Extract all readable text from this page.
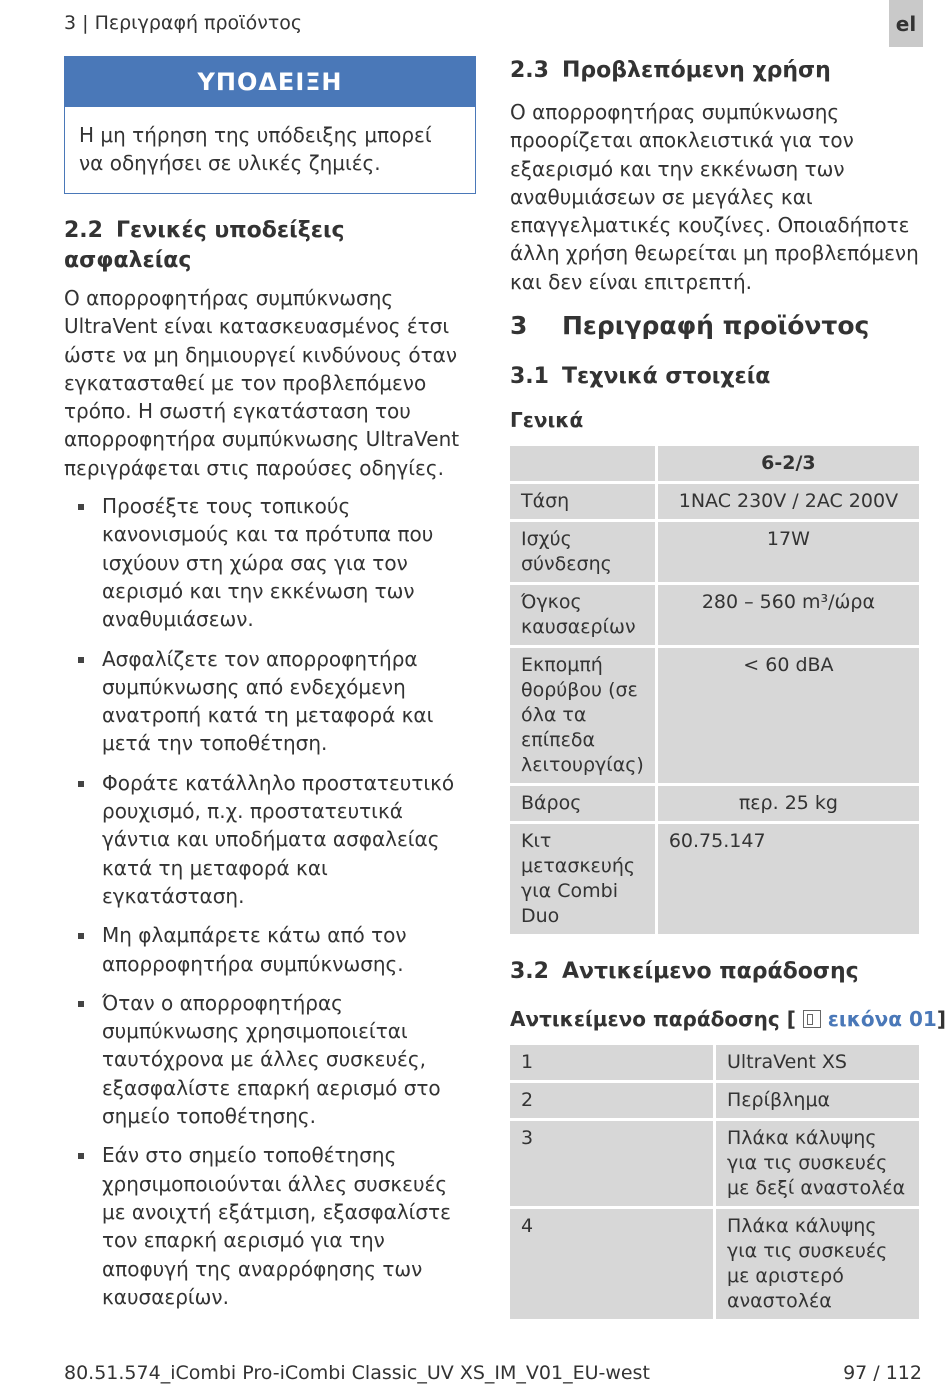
3 | Περιγραφή προϊόντος	el
ΥΠΟΔΕΙΞΗ
Η μη τήρηση της υπόδειξης μπορεί να οδηγήσει σε υλικές ζημιές.
2.2 Γενικές υποδείξεις ασφαλείας

Ο απορροφητήρας συμπύκνωσης UltraVent είναι κατασκευασμένος έτσι ώστε να μη δημιουργεί κινδύνους όταν εγκατασταθεί με τον προβλεπόμενο τρόπο. Η σωστή εγκατάσταση του απορροφητήρα συμπύκνωσης UltraVent περιγράφεται στις παρούσες οδηγίες.

Προσέξτε τους τοπικούς κανονισμούς και τα πρότυπα που ισχύουν στη χώρα σας για τον αερισμό και την εκκένωση των αναθυμιάσεων.
Ασφαλίζετε τον απορροφητήρα συμπύκνωσης από ενδεχόμενη ανατροπή κατά τη μεταφορά και μετά την τοποθέτηση.
Φοράτε κατάλληλο προστατευτικό ρουχισμό, π.χ. προστατευτικά γάντια και υποδήματα ασφαλείας κατά τη μεταφορά και εγκατάσταση.
Μη φλαμπάρετε κάτω από τον απορροφητήρα συμπύκνωσης.
Όταν ο απορροφητήρας συμπύκνωσης χρησιμοποιείται ταυτόχρονα με άλλες συσκευές, εξασφαλίστε επαρκή αερισμό στο σημείο τοποθέτησης.
Εάν στο σημείο τοποθέτησης χρησιμοποιούνται άλλες συσκευές με ανοιχτή εξάτμιση, εξασφαλίστε τον επαρκή αερισμό για την αποφυγή της αναρρόφησης των καυσαερίων.
2.3 Προβλεπόμενη χρήση

Ο απορροφητήρας συμπύκνωσης προορίζεται αποκλειστικά για τον εξαερισμό και την εκκένωση των αναθυμιάσεων σε μεγάλες και επαγγελματικές κουζίνες. Οποιαδήποτε άλλη χρήση θεωρείται μη προβλεπόμενη και δεν είναι επιτρεπτή.

3 Περιγραφή προϊόντος
3.1 Τεχνικά στοιχεία
Γενικά
	6-2/3
Τάση	1NAC 230V / 2AC 200V
Ισχύς σύνδεσης	17W
Όγκος καυσαερίων	280 – 560 m³/ώρα
Εκπομπή θορύβου (σε όλα τα επίπεδα λειτουργίας)	< 60 dBA
Βάρος	περ. 25 kg
Κιτ μετασκευής για Combi Duo	60.75.147
3.2 Αντικείμενο παράδοσης
Αντικείμενο παράδοσης [ εικόνα 01]
1	UltraVent XS
2	Περίβλημα
3	Πλάκα κάλυψης για τις συσκευές με δεξί αναστολέα
4	Πλάκα κάλυψης για τις συσκευές με αριστερό αναστολέα
80.51.574_iCombi Pro-iCombi Classic_UV XS_IM_V01_EU-west	97 / 112
